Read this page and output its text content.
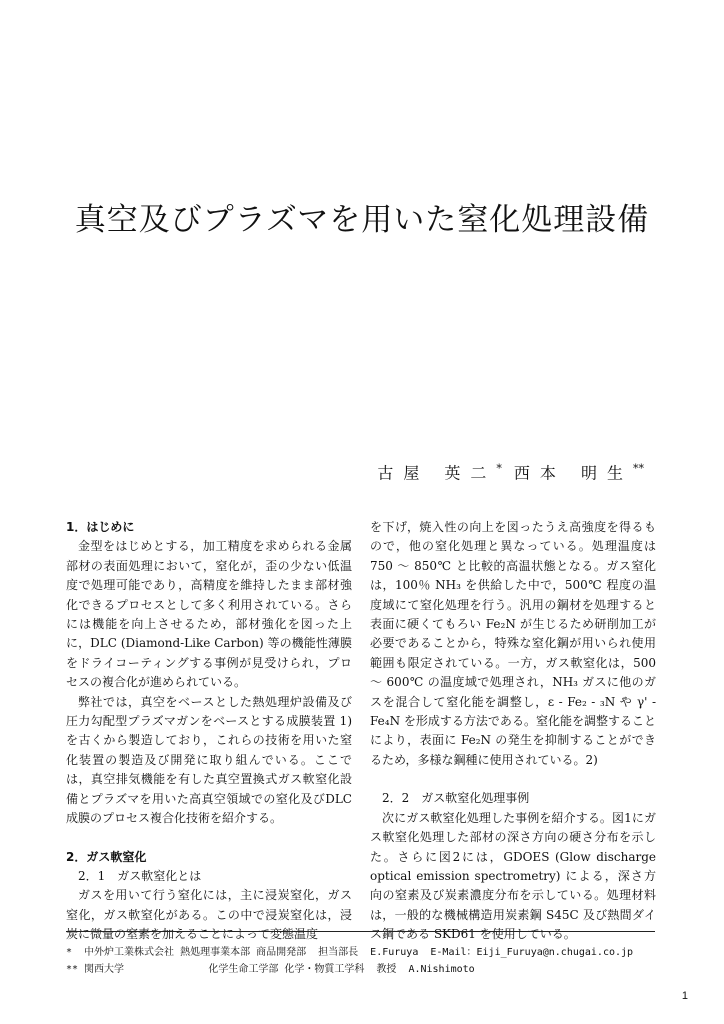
真空及びプラズマを用いた窒化処理設備
古屋 英二* 西本 明生**
1．はじめに

金型をはじめとする，加工精度を求められる金属部材の表面処理において，窒化が，歪の少ない低温度で処理可能であり，高精度を維持したまま部材強化できるプロセスとして多く利用されている。さらには機能を向上させるため，部材強化を図った上に，DLC (Diamond-Like Carbon) 等の機能性薄膜をドライコーティングする事例が見受けられ，プロセスの複合化が進められている。

弊社では，真空をベースとした熱処理炉設備及び圧力勾配型プラズマガンをベースとする成膜装置 1) を古くから製造しており，これらの技術を用いた窒化装置の製造及び開発に取り組んでいる。ここでは，真空排気機能を有した真空置換式ガス軟窒化設備とプラズマを用いた高真空領域での窒化及びDLC成膜のプロセス複合化技術を紹介する。

2．ガス軟窒化
2．1　ガス軟窒化とは

ガスを用いて行う窒化には，主に浸炭窒化，ガス窒化，ガス軟窒化がある。この中で浸炭窒化は，浸炭に微量の窒素を加えることによって変態温度

を下げ，焼入性の向上を図ったうえ高強度を得るもので，他の窒化処理と異なっている。処理温度は 750 ～ 850℃ と比較的高温状態となる。ガス窒化は，100％ NH₃ を供給した中で，500℃ 程度の温度域にて窒化処理を行う。汎用の鋼材を処理すると表面に硬くてもろい Fe₂N が生じるため研削加工が必要であることから，特殊な窒化鋼が用いられ使用範囲も限定されている。一方，ガス軟窒化は，500 ～ 600℃ の温度域で処理され，NH₃ ガスに他のガスを混合して窒化能を調整し，ε - Fe₂ - ₃N や γ' - Fe₄N を形成する方法である。窒化能を調整することにより，表面に Fe₂N の発生を抑制することができるため，多様な鋼種に使用されている。2)

2．2　ガス軟窒化処理事例

次にガス軟窒化処理した事例を紹介する。図1にガス軟窒化処理した部材の深さ方向の硬さ分布を示した。さらに図2には，GDOES (Glow discharge optical emission spectrometry) による，深さ方向の窒素及び炭素濃度分布を示している。処理材料は，一般的な機械構造用炭素鋼 S45C 及び熱間ダイス鋼である SKD61 を使用している。

*  中外炉工業株式会社 熱処理事業本部 商品開発部  担当部長  E.Furuya  E-Mail：Eiji_Furuya@n.chugai.co.jp
** 関西大学              化学生命工学部 化学・物質工学科  教授  A.Nishimoto
1
